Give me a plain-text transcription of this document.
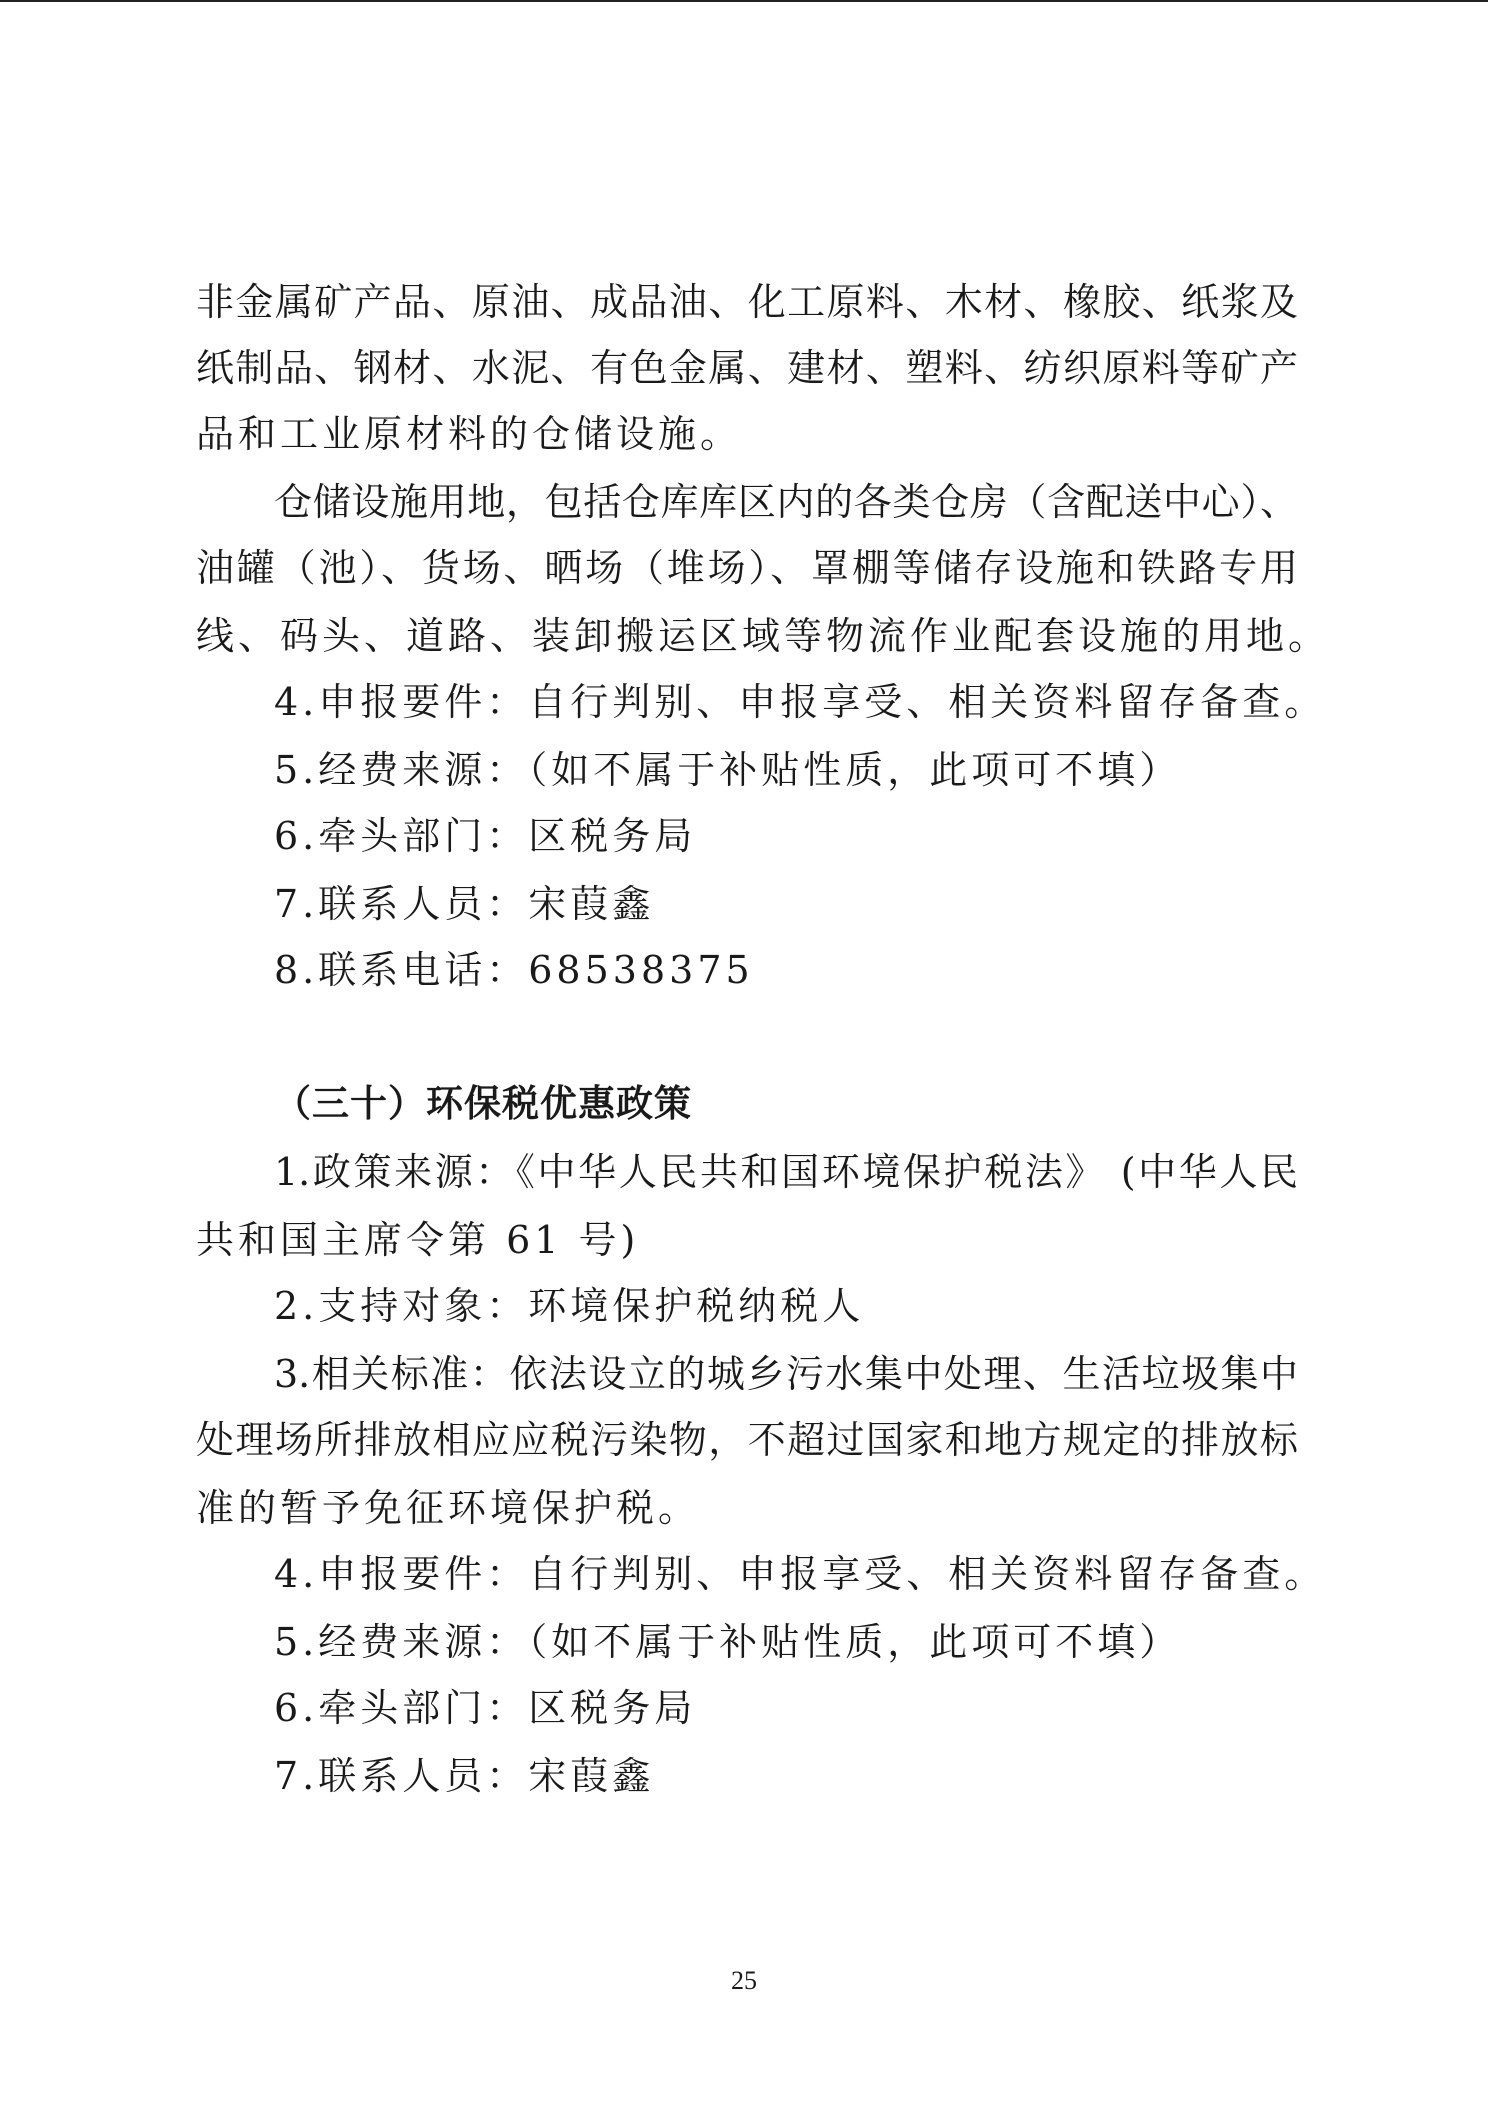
非金属矿产品、原油、成品油、化工原料、木材、橡胶、纸浆及
纸制品、钢材、水泥、有色金属、建材、塑料、纺织原料等矿产
品和工业原材料的仓储设施。
仓储设施用地，包括仓库库区内的各类仓房（含配送中心）、
油罐（池）、货场、晒场（堆场）、罩棚等储存设施和铁路专用
线、码头、道路、装卸搬运区域等物流作业配套设施的用地。
4.申报要件：自行判别、申报享受、相关资料留存备查。
5.经费来源：（如不属于补贴性质，此项可不填）
6.牵头部门：区税务局
7.联系人员：宋葭鑫
8.联系电话：68538375
（三十）环保税优惠政策
1.政策来源：《中华人民共和国环境保护税法》 (中华人民
共和国主席令第 61 号)
2.支持对象：环境保护税纳税人
3.相关标准：依法设立的城乡污水集中处理、生活垃圾集中
处理场所排放相应应税污染物，不超过国家和地方规定的排放标
准的暂予免征环境保护税。
4.申报要件：自行判别、申报享受、相关资料留存备查。
5.经费来源：（如不属于补贴性质，此项可不填）
6.牵头部门：区税务局
7.联系人员：宋葭鑫
25
